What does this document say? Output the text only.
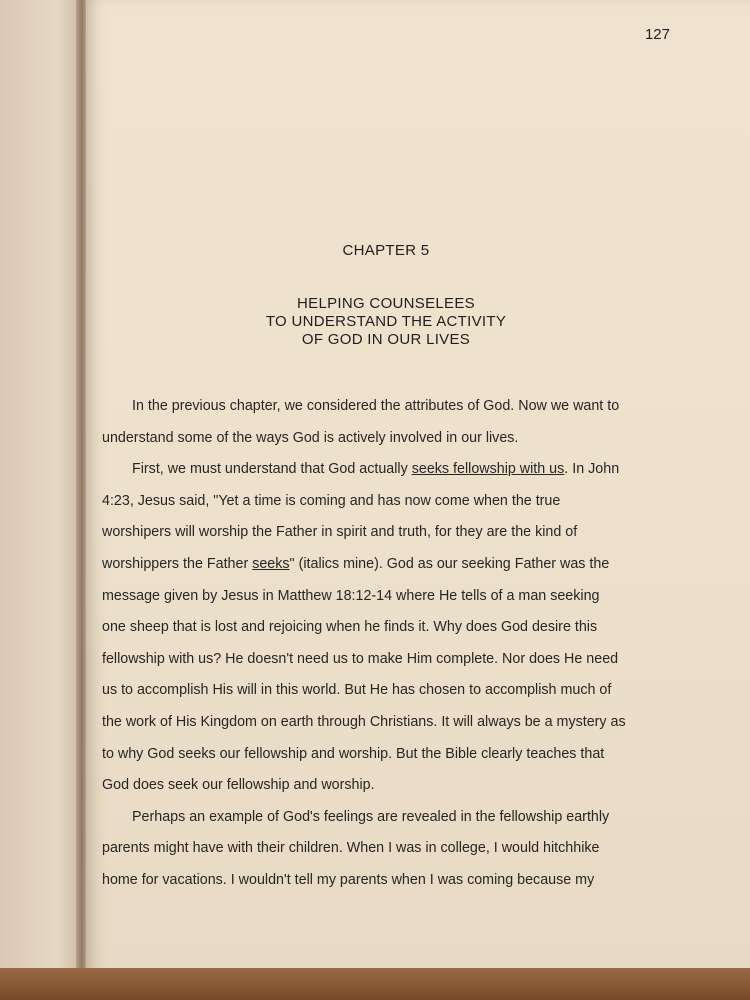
127
CHAPTER 5
HELPING COUNSELEES
TO UNDERSTAND THE ACTIVITY
OF GOD IN OUR LIVES
In the previous chapter, we considered the attributes of God. Now we want to
understand some of the ways God is actively involved in our lives.
First, we must understand that God actually seeks fellowship with us. In John
4:23, Jesus said, "Yet a time is coming and has now come when the true
worshipers will worship the Father in spirit and truth, for they are the kind of
worshippers the Father seeks" (italics mine). God as our seeking Father was the
message given by Jesus in Matthew 18:12-14 where He tells of a man seeking
one sheep that is lost and rejoicing when he finds it. Why does God desire this
fellowship with us? He doesn't need us to make Him complete. Nor does He need
us to accomplish His will in this world. But He has chosen to accomplish much of
the work of His Kingdom on earth through Christians. It will always be a mystery as
to why God seeks our fellowship and worship. But the Bible clearly teaches that
God does seek our fellowship and worship.
Perhaps an example of God's feelings are revealed in the fellowship earthly
parents might have with their children. When I was in college, I would hitchhike
home for vacations. I wouldn't tell my parents when I was coming because my
